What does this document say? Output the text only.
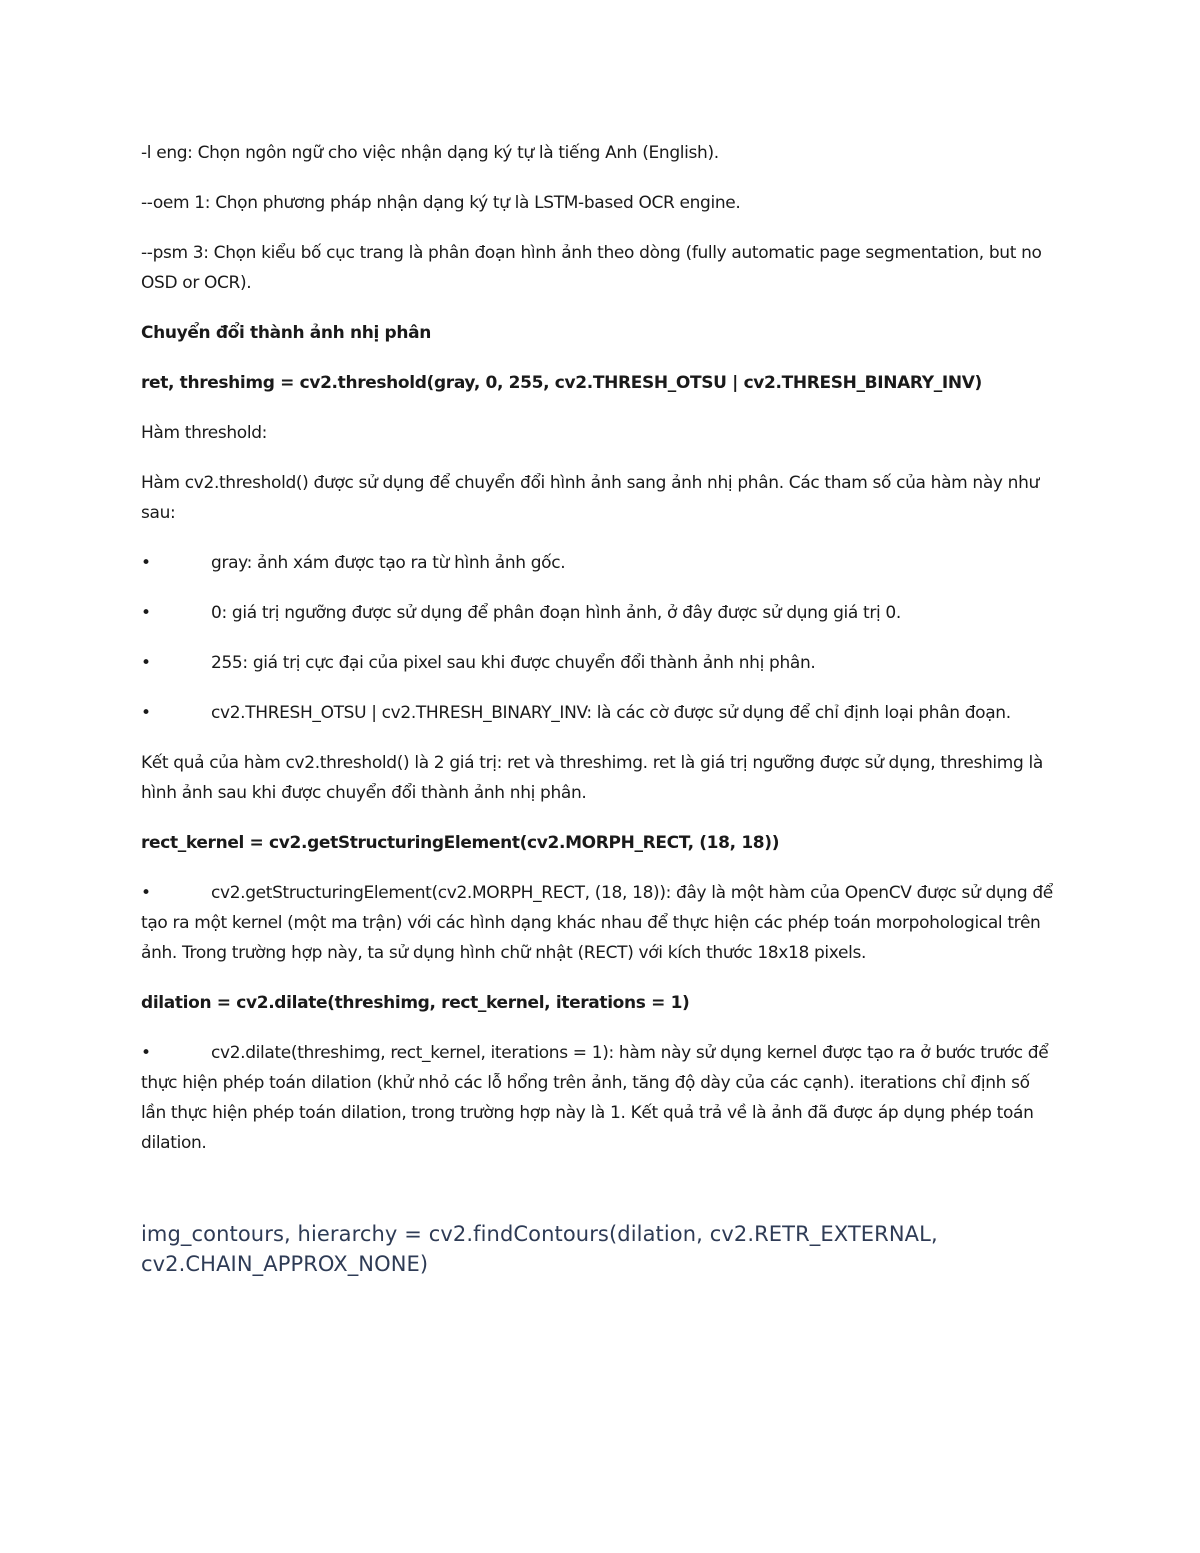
-l eng: Chọn ngôn ngữ cho việc nhận dạng ký tự là tiếng Anh (English).

--oem 1: Chọn phương pháp nhận dạng ký tự là LSTM-based OCR engine.

--psm 3: Chọn kiểu bố cục trang là phân đoạn hình ảnh theo dòng (fully automatic page segmentation, but no OSD or OCR).

Chuyển đổi thành ảnh nhị phân

ret, threshimg = cv2.threshold(gray, 0, 255, cv2.THRESH_OTSU | cv2.THRESH_BINARY_INV)

Hàm threshold:

Hàm cv2.threshold() được sử dụng để chuyển đổi hình ảnh sang ảnh nhị phân. Các tham số của hàm này như sau:

•	gray: ảnh xám được tạo ra từ hình ảnh gốc.

•	0: giá trị ngưỡng được sử dụng để phân đoạn hình ảnh, ở đây được sử dụng giá trị 0.

•	255: giá trị cực đại của pixel sau khi được chuyển đổi thành ảnh nhị phân.

•	cv2.THRESH_OTSU | cv2.THRESH_BINARY_INV: là các cờ được sử dụng để chỉ định loại phân đoạn.

Kết quả của hàm cv2.threshold() là 2 giá trị: ret và threshimg. ret là giá trị ngưỡng được sử dụng, threshimg là hình ảnh sau khi được chuyển đổi thành ảnh nhị phân.

rect_kernel = cv2.getStructuringElement(cv2.MORPH_RECT, (18, 18))

•	cv2.getStructuringElement(cv2.MORPH_RECT, (18, 18)): đây là một hàm của OpenCV được sử dụng để tạo ra một kernel (một ma trận) với các hình dạng khác nhau để thực hiện các phép toán morpohological trên ảnh. Trong trường hợp này, ta sử dụng hình chữ nhật (RECT) với kích thước 18x18 pixels.

dilation = cv2.dilate(threshimg, rect_kernel, iterations = 1)

•	cv2.dilate(threshimg, rect_kernel, iterations = 1): hàm này sử dụng kernel được tạo ra ở bước trước để thực hiện phép toán dilation (khử nhỏ các lỗ hổng trên ảnh, tăng độ dày của các cạnh). iterations chỉ định số lần thực hiện phép toán dilation, trong trường hợp này là 1. Kết quả trả về là ảnh đã được áp dụng phép toán dilation.

img_contours, hierarchy = cv2.findContours(dilation, cv2.RETR_EXTERNAL, cv2.CHAIN_APPROX_NONE)
